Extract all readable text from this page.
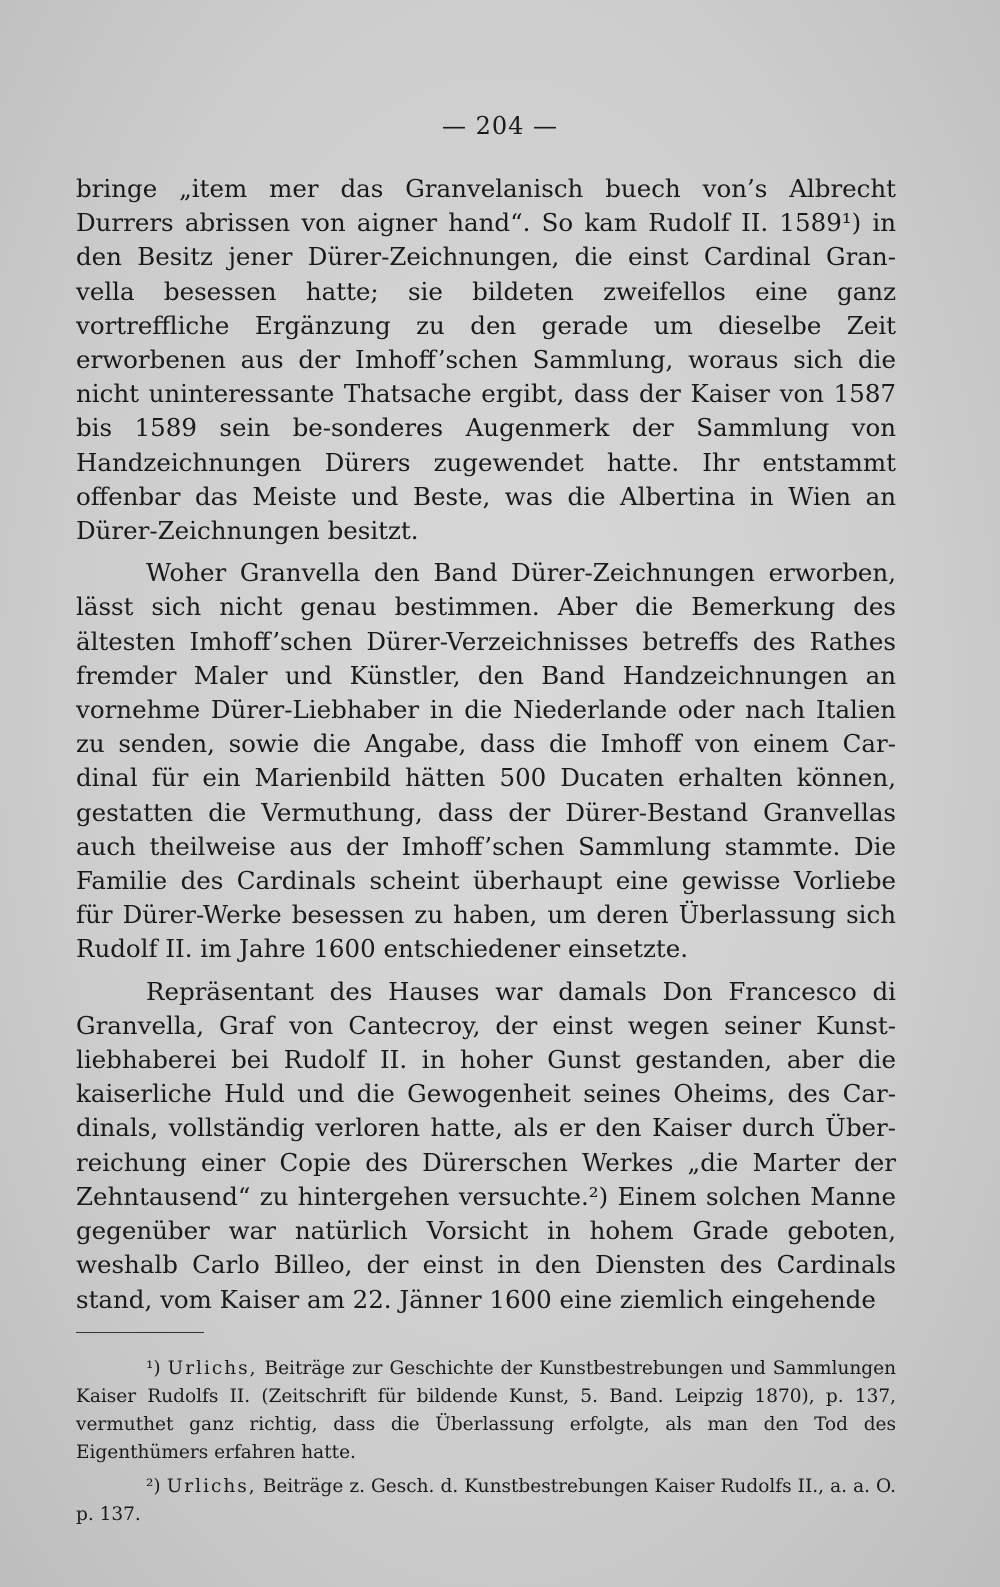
— 204 —

bringe „item mer das Granvelanisch buech von’s Albrecht Durrers abrissen von aigner hand“. So kam Rudolf II. 1589¹) in den Besitz jener Dürer-Zeichnungen, die einst Cardinal Gran-vella besessen hatte; sie bildeten zweifellos eine ganz vortreffliche Ergänzung zu den gerade um dieselbe Zeit erworbenen aus der Imhoff’schen Sammlung, woraus sich die nicht uninteressante Thatsache ergibt, dass der Kaiser von 1587 bis 1589 sein be-sonderes Augenmerk der Sammlung von Handzeichnungen Dürers zugewendet hatte. Ihr entstammt offenbar das Meiste und Beste, was die Albertina in Wien an Dürer-Zeichnungen besitzt.

Woher Granvella den Band Dürer-Zeichnungen erworben, lässt sich nicht genau bestimmen. Aber die Bemerkung des ältesten Imhoff’schen Dürer-Verzeichnisses betreffs des Rathes fremder Maler und Künstler, den Band Handzeichnungen an vornehme Dürer-Liebhaber in die Niederlande oder nach Italien zu senden, sowie die Angabe, dass die Imhoff von einem Car-dinal für ein Marienbild hätten 500 Ducaten erhalten können, gestatten die Vermuthung, dass der Dürer-Bestand Granvellas auch theilweise aus der Imhoff’schen Sammlung stammte. Die Familie des Cardinals scheint überhaupt eine gewisse Vorliebe für Dürer-Werke besessen zu haben, um deren Überlassung sich Rudolf II. im Jahre 1600 entschiedener einsetzte.

Repräsentant des Hauses war damals Don Francesco di Granvella, Graf von Cantecroy, der einst wegen seiner Kunst-liebhaberei bei Rudolf II. in hoher Gunst gestanden, aber die kaiserliche Huld und die Gewogenheit seines Oheims, des Car-dinals, vollständig verloren hatte, als er den Kaiser durch Über-reichung einer Copie des Dürerschen Werkes „die Marter der Zehntausend“ zu hintergehen versuchte.²) Einem solchen Manne gegenüber war natürlich Vorsicht in hohem Grade geboten, weshalb Carlo Billeo, der einst in den Diensten des Cardinals stand, vom Kaiser am 22. Jänner 1600 eine ziemlich eingehende

¹) Urlichs, Beiträge zur Geschichte der Kunstbestrebungen und Sammlungen Kaiser Rudolfs II. (Zeitschrift für bildende Kunst, 5. Band. Leipzig 1870), p. 137, vermuthet ganz richtig, dass die Überlassung erfolgte, als man den Tod des Eigenthümers erfahren hatte.

²) Urlichs, Beiträge z. Gesch. d. Kunstbestrebungen Kaiser Rudolfs II., a. a. O. p. 137.
